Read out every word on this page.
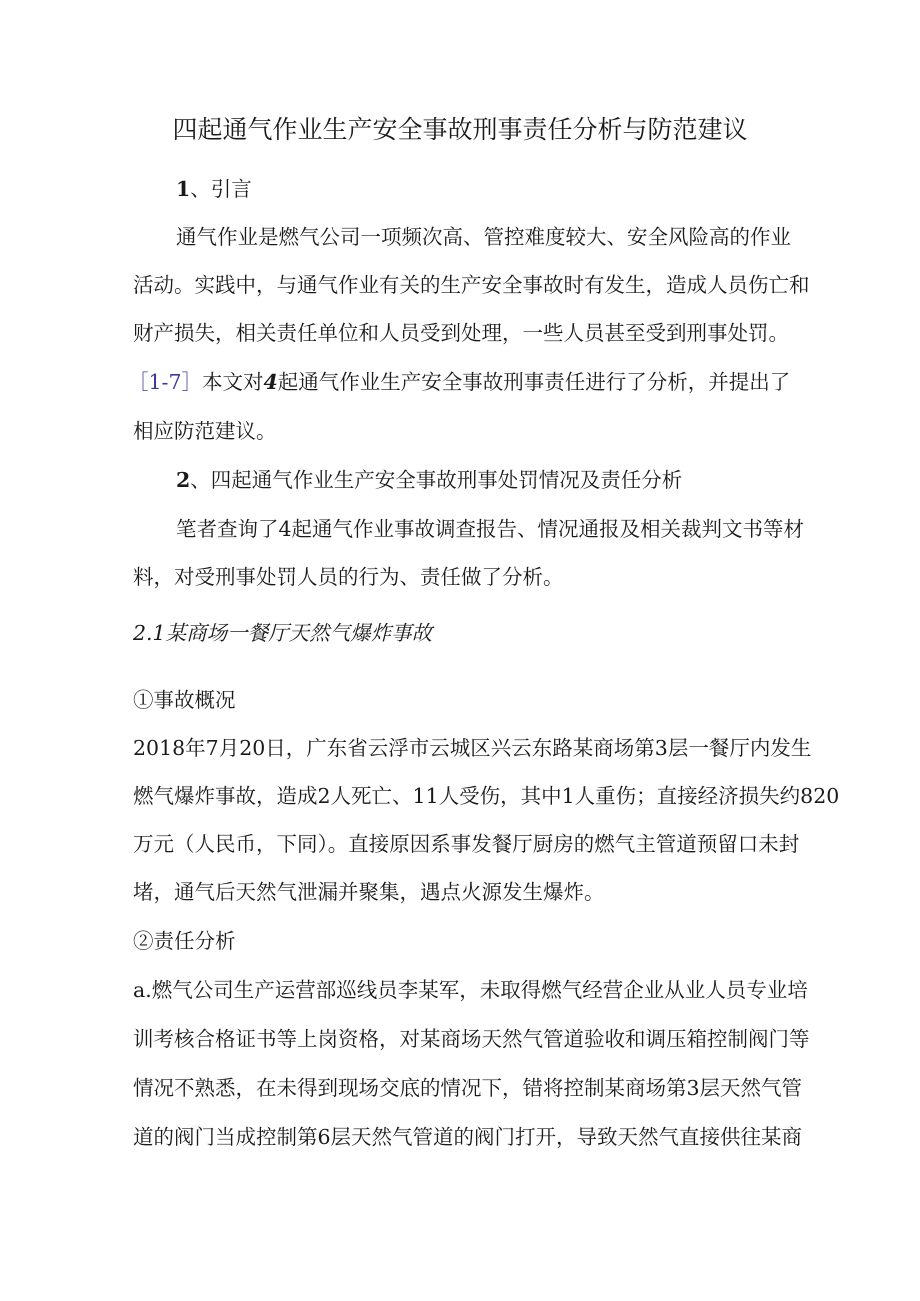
四起通气作业生产安全事故刑事责任分析与防范建议
1、引言
通气作业是燃气公司一项频次高、管控难度较大、安全风险高的作业
活动。实践中，与通气作业有关的生产安全事故时有发生，造成人员伤亡和
财产损失，相关责任单位和人员受到处理，一些人员甚至受到刑事处罚。
［1-7］本文对4起通气作业生产安全事故刑事责任进行了分析，并提出了
相应防范建议。
2、四起通气作业生产安全事故刑事处罚情况及责任分析
笔者查询了4起通气作业事故调查报告、情况通报及相关裁判文书等材
料，对受刑事处罚人员的行为、责任做了分析。
2.1某商场一餐厅天然气爆炸事故
①事故概况
2018年7月20日，广东省云浮市云城区兴云东路某商场第3层一餐厅内发生
燃气爆炸事故，造成2人死亡、11人受伤，其中1人重伤；直接经济损失约820
万元（人民币，下同）。直接原因系事发餐厅厨房的燃气主管道预留口未封
堵，通气后天然气泄漏并聚集，遇点火源发生爆炸。
②责任分析
a.燃气公司生产运营部巡线员李某军，未取得燃气经营企业从业人员专业培
训考核合格证书等上岗资格，对某商场天然气管道验收和调压箱控制阀门等
情况不熟悉，在未得到现场交底的情况下，错将控制某商场第3层天然气管
道的阀门当成控制第6层天然气管道的阀门打开，导致天然气直接供往某商
